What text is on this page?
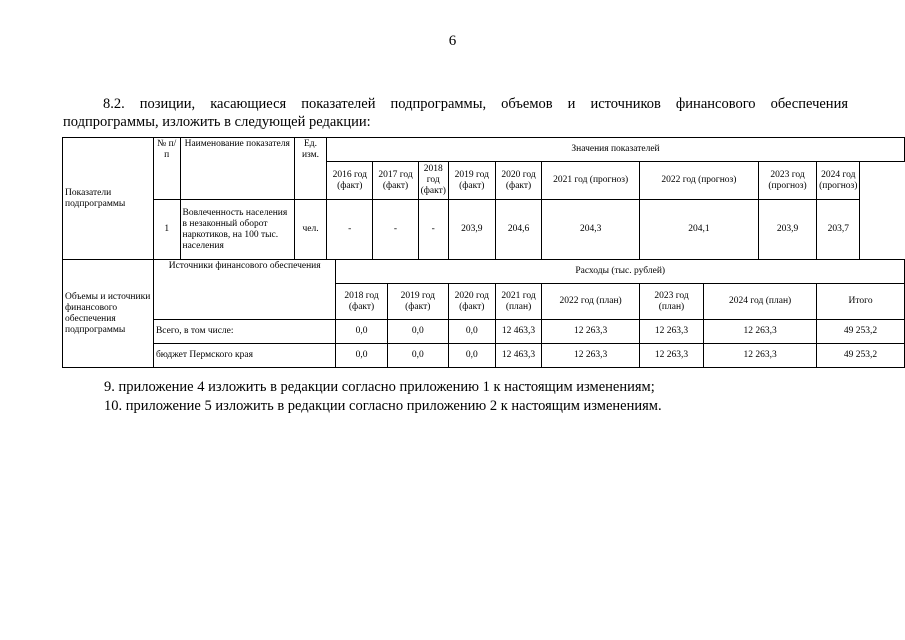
6
8.2. позиции, касающиеся показателей подпрограммы, объемов и источников финансового обеспечения
подпрограммы, изложить в следующей редакции:
Показатели подпрограммы	№ п/п	Наименование показателя	Ед. изм.	Значения показателей											
				2016 год (факт)		2017 год (факт)		2018 год (факт)	2019 год (факт)	2020 год (факт)	2021 год (прогноз)	2022 год (прогноз)		2023 год (прогноз)	2024 год (прогноз)
	1	Вовлеченность населения в незаконный оборот наркотиков, на 100 тыс. населения	чел.	-		-		-	203,9	204,6	204,3	204,1		203,9	203,7
Объемы и источники финансового обеспечения подпрограммы	Источники финансового обеспечения				Расходы (тыс. рублей)										
					2018 год (факт)		2019 год (факт)		2020 год (факт)	2021 год (план)	2022 год (план)	2023 год (план)	2024 год (план)		Итого
	Всего, в том числе:				0,0		0,0		0,0	12 463,3	12 263,3	12 263,3	12 263,3		49 253,2
	бюджет Пермского края				0,0		0,0		0,0	12 463,3	12 263,3	12 263,3	12 263,3		49 253,2
9. приложение 4 изложить в редакции согласно приложению 1 к настоящим изменениям;
10. приложение 5 изложить в редакции согласно приложению 2 к настоящим изменениям.
